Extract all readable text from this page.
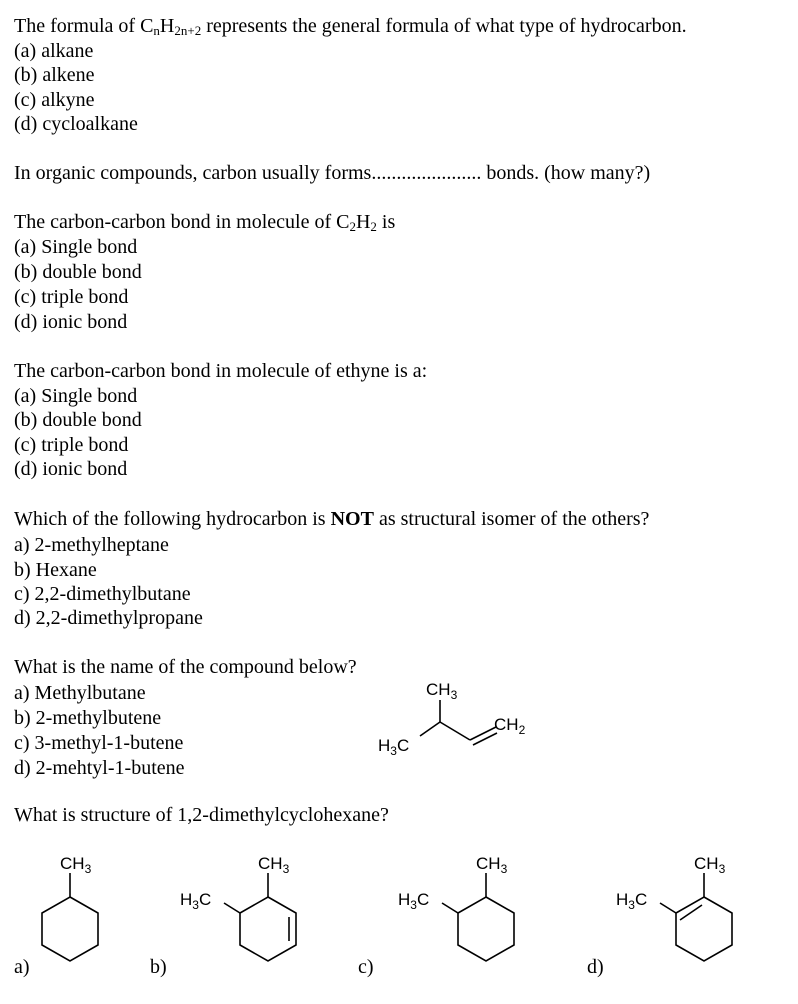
The formula of $C_nH_{2n+2}$ represents the general formula of what type of hydrocarbon.
(a) alkane
(b) alkene
(c) alkyne
(d) cycloalkane
In organic compounds, carbon usually forms...................... bonds. (how many?)
The carbon-carbon bond in molecule of $C_2H_2$ is
(a) Single bond
(b) double bond
(c) triple bond
(d) ionic bond
The carbon-carbon bond in molecule of ethyne is a:
(a) Single bond
(b) double bond
(c) triple bond
(d) ionic bond
Which of the following hydrocarbon is NOT as structural isomer of the others?
a) 2-methylheptane
b) Hexane
c) 2,2-dimethylbutane
d) 2,2-dimethylpropane
What is the name of the compound below?
a) Methylbutane
b) 2-methylbutene
c) 3-methyl-1-butene
d) 2-mehtyl-1-butene
$CH_3$
$H_3C$
$CH_2$
What is structure of 1,2-dimethylcyclohexane?
$CH_3$	$CH_3$
$H_3C$
$CH_3$
$H_3C$
$CH_3$
$H_3C$
a)	b)	c)	d)
